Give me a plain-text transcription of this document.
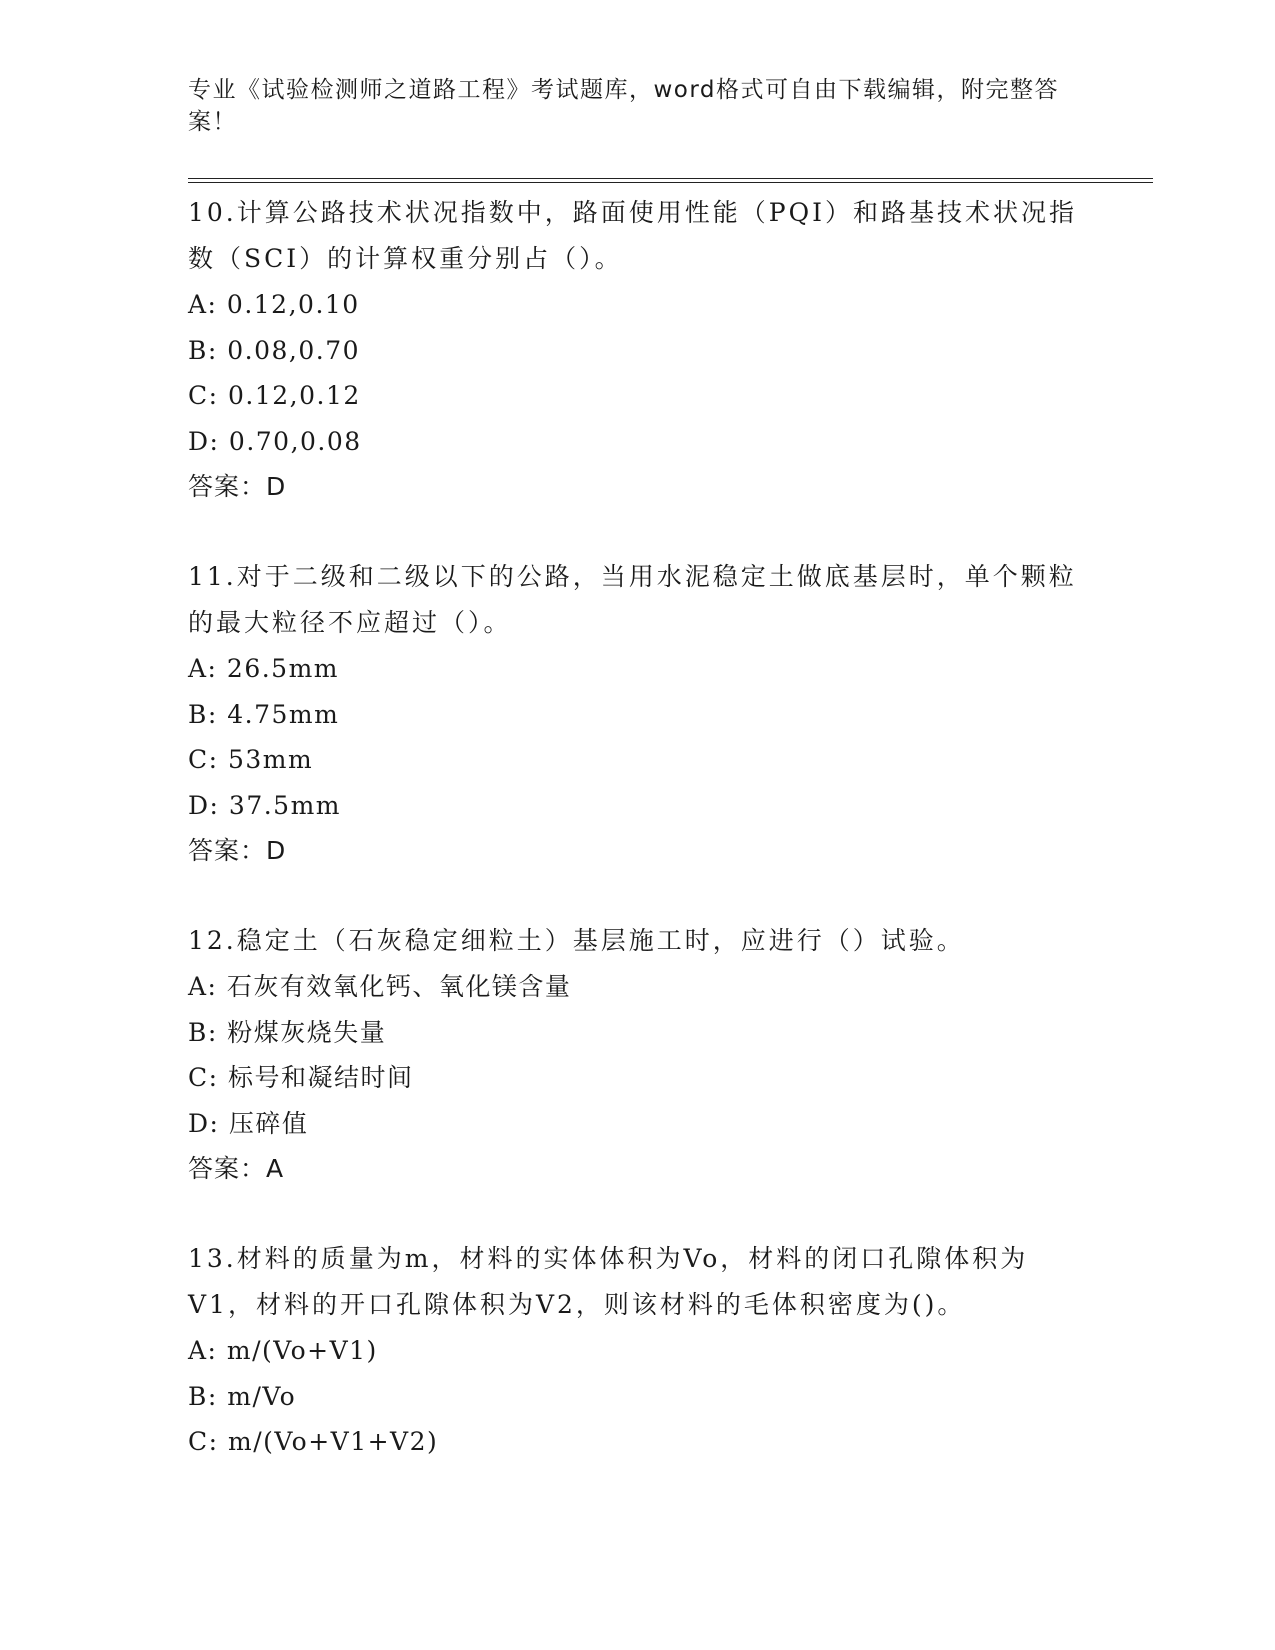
专业《试验检测师之道路工程》考试题库，word格式可自由下载编辑，附完整答案！

10.计算公路技术状况指数中，路面使用性能（PQI）和路基技术状况指数（SCI）的计算权重分别占（）。

A: 0.12,0.10

B: 0.08,0.70

C: 0.12,0.12

D: 0.70,0.08

答案：D

11.对于二级和二级以下的公路，当用水泥稳定土做底基层时，单个颗粒的最大粒径不应超过（）。

A: 26.5mm

B: 4.75mm

C: 53mm

D: 37.5mm

答案：D

12.稳定土（石灰稳定细粒土）基层施工时，应进行（）试验。

A: 石灰有效氧化钙、氧化镁含量

B: 粉煤灰烧失量

C: 标号和凝结时间

D: 压碎值

答案：A

13.材料的质量为m，材料的实体体积为Vo，材料的闭口孔隙体积为V1，材料的开口孔隙体积为V2，则该材料的毛体积密度为()。

A: m/(Vo+V1)

B: m/Vo

C: m/(Vo+V1+V2)
